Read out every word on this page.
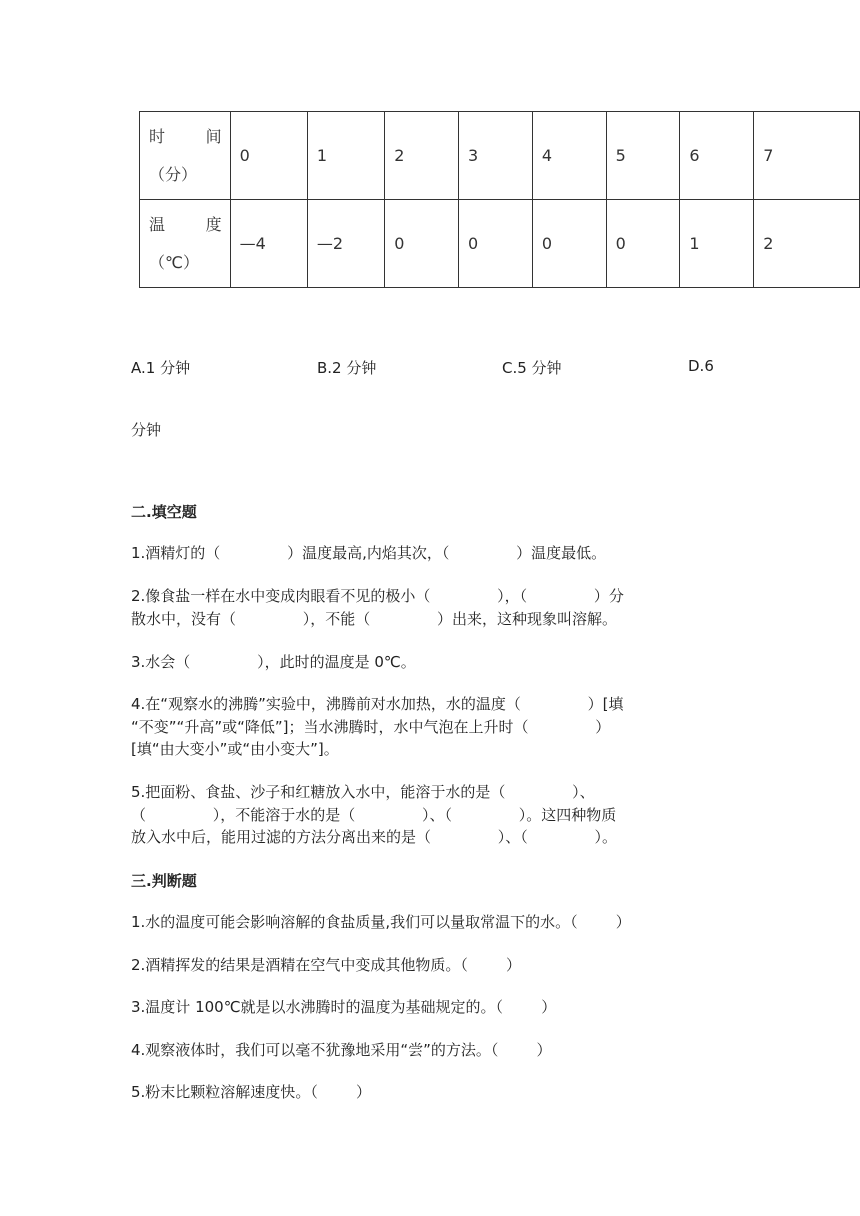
时 间
（分）	0	1	2	3	4	5	6	7

温 度
（℃）	—4	—2	0	0	0	0	1	2
A.1 分钟	B.2 分钟	C.5 分钟	D.6
分钟
二.填空题
1.酒精灯的（              ）温度最高,内焰其次，（              ）温度最低。
2.像食盐一样在水中变成肉眼看不见的极小（              ），（              ）分
散水中，没有（              ），不能（              ）出来，这种现象叫溶解。
3.水会（              ），此时的温度是 0℃。
4.在“观察水的沸腾”实验中，沸腾前对水加热，水的温度（              ）[填
“不变”“升高”或“降低”]；当水沸腾时，水中气泡在上升时（              ）
[填“由大变小”或“由小变大”]。
5.把面粉、食盐、沙子和红糖放入水中，能溶于水的是（              ）、
（              ），不能溶于水的是（              ）、（              ）。这四种物质
放入水中后，能用过滤的方法分离出来的是（              ）、（              ）。
三.判断题
1.水的温度可能会影响溶解的食盐质量,我们可以量取常温下的水。（        ）
2.酒精挥发的结果是酒精在空气中变成其他物质。（        ）
3.温度计 100℃就是以水沸腾时的温度为基础规定的。（        ）
4.观察液体时，我们可以毫不犹豫地采用“尝”的方法。（        ）
5.粉末比颗粒溶解速度快。（        ）
